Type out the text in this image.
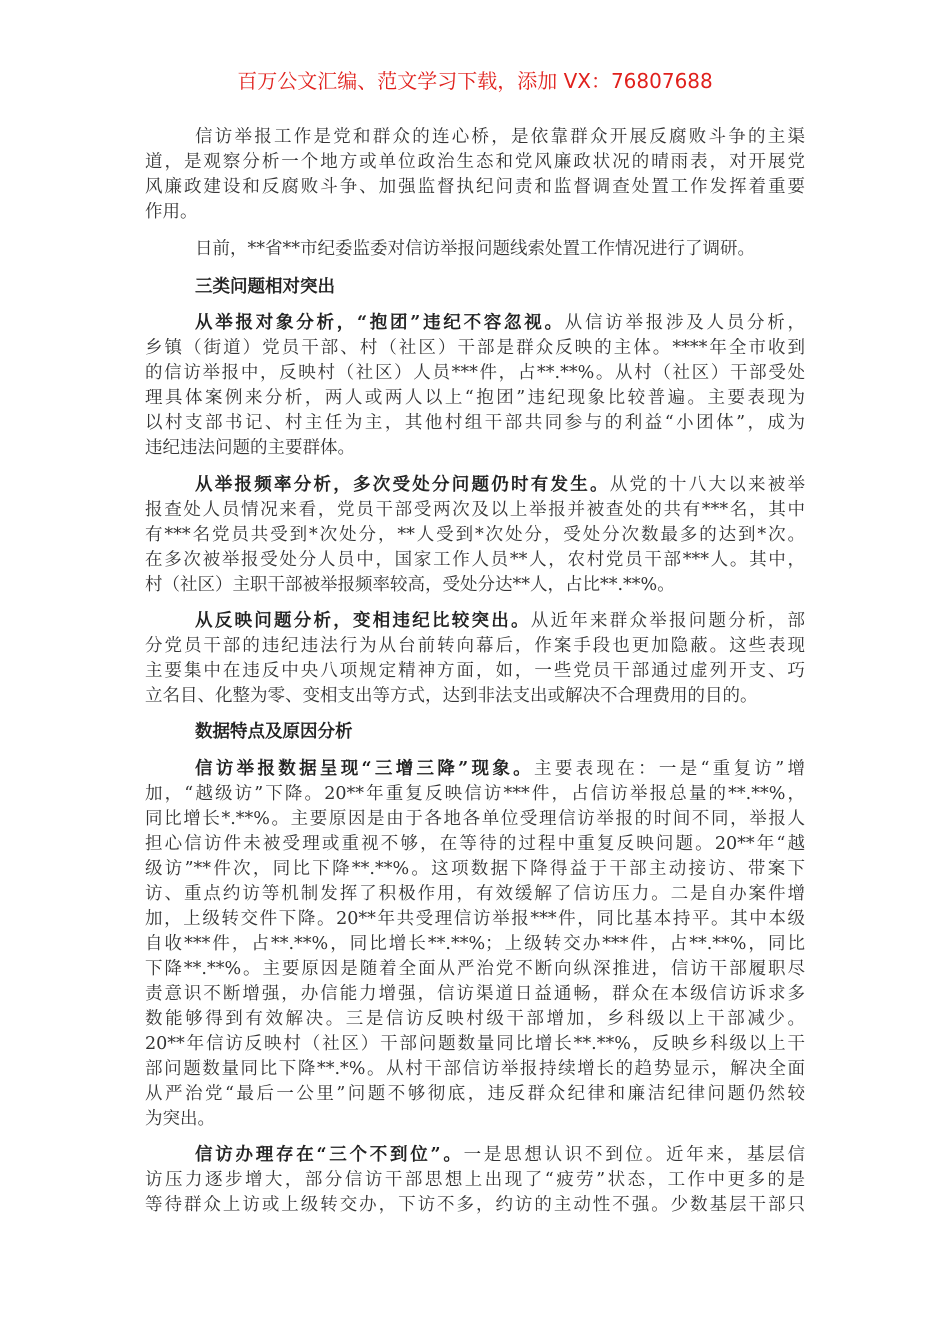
百万公文汇编、范文学习下载，添加 VX：76807688
信访举报工作是党和群众的连心桥，是依靠群众开展反腐败斗争的主渠
道，是观察分析一个地方或单位政治生态和党风廉政状况的晴雨表，对开展党
风廉政建设和反腐败斗争、加强监督执纪问责和监督调查处置工作发挥着重要
作用。
日前，**省**市纪委监委对信访举报问题线索处置工作情况进行了调研。
三类问题相对突出
从举报对象分析，“抱团”违纪不容忽视。从信访举报涉及人员分析，
乡镇（街道）党员干部、村（社区）干部是群众反映的主体。****年全市收到
的信访举报中，反映村（社区）人员***件，占**.**%。从村（社区）干部受处
理具体案例来分析，两人或两人以上“抱团”违纪现象比较普遍。主要表现为
以村支部书记、村主任为主，其他村组干部共同参与的利益“小团体”，成为
违纪违法问题的主要群体。
从举报频率分析，多次受处分问题仍时有发生。从党的十八大以来被举
报查处人员情况来看，党员干部受两次及以上举报并被查处的共有***名，其中
有***名党员共受到*次处分，**人受到*次处分，受处分次数最多的达到*次。
在多次被举报受处分人员中，国家工作人员**人，农村党员干部***人。其中，
村（社区）主职干部被举报频率较高，受处分达**人，占比**.**%。
从反映问题分析，变相违纪比较突出。从近年来群众举报问题分析，部
分党员干部的违纪违法行为从台前转向幕后，作案手段也更加隐蔽。这些表现
主要集中在违反中央八项规定精神方面，如，一些党员干部通过虚列开支、巧
立名目、化整为零、变相支出等方式，达到非法支出或解决不合理费用的目的。
数据特点及原因分析
信访举报数据呈现“三增三降”现象。主要表现在：一是“重复访”增
加，“越级访”下降。20**年重复反映信访***件，占信访举报总量的**.**%，
同比增长*.**%。主要原因是由于各地各单位受理信访举报的时间不同，举报人
担心信访件未被受理或重视不够，在等待的过程中重复反映问题。20**年“越
级访”**件次，同比下降**.**%。这项数据下降得益于干部主动接访、带案下
访、重点约访等机制发挥了积极作用，有效缓解了信访压力。二是自办案件增
加，上级转交件下降。20**年共受理信访举报***件，同比基本持平。其中本级
自收***件，占**.**%，同比增长**.**%；上级转交办***件，占**.**%，同比
下降**.**%。主要原因是随着全面从严治党不断向纵深推进，信访干部履职尽
责意识不断增强，办信能力增强，信访渠道日益通畅，群众在本级信访诉求多
数能够得到有效解决。三是信访反映村级干部增加，乡科级以上干部减少。
20**年信访反映村（社区）干部问题数量同比增长**.**%，反映乡科级以上干
部问题数量同比下降**.*%。从村干部信访举报持续增长的趋势显示，解决全面
从严治党“最后一公里”问题不够彻底，违反群众纪律和廉洁纪律问题仍然较
为突出。
信访办理存在“三个不到位”。一是思想认识不到位。近年来，基层信
访压力逐步增大，部分信访干部思想上出现了“疲劳”状态，工作中更多的是
等待群众上访或上级转交办，下访不多，约访的主动性不强。少数基层干部只
